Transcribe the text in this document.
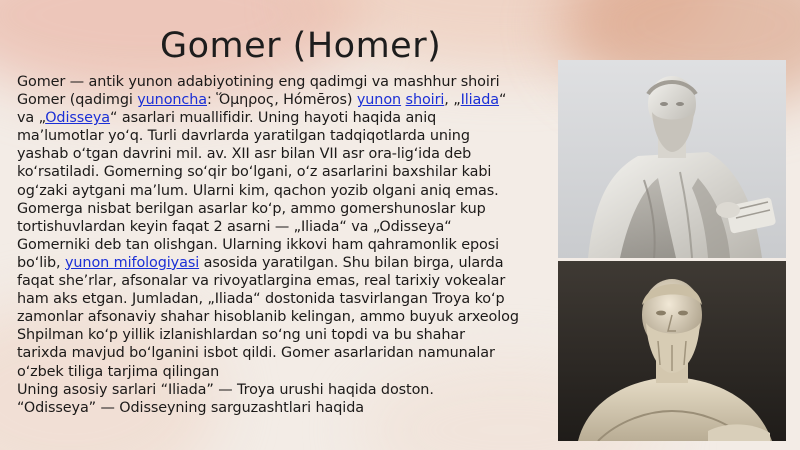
Gomer (Homer)

Gomer — antik yunon adabiyotining eng qadimgi va mashhur shoiri
Gomer (qadimgi yunoncha: Ὅμηρος, Hómēros) yunon shoiri, „Iliada“
va „Odisseya“ asarlari muallifidir. Uning hayoti haqida aniq
ma’lumotlar yoʻq. Turli davrlarda yaratilgan tadqiqotlarda uning
yashab oʻtgan davrini mil. av. XII asr bilan VII asr ora-ligʻida deb
koʻrsatiladi. Gomerning soʻqir boʻlgani, oʻz asarlarini baxshilar kabi
ogʻzaki aytgani ma’lum. Ularni kim, qachon yozib olgani aniq emas.
Gomerga nisbat berilgan asarlar koʻp, ammo gomershunoslar kup
tortishuvlardan keyin faqat 2 asarni — „Iliada“ va „Odisseya“
Gomerniki deb tan olishgan. Ularning ikkovi ham qahramonlik eposi
boʻlib, yunon mifologiyasi asosida yaratilgan. Shu bilan birga, ularda
faqat she’rlar, afsonalar va rivoyatlargina emas, real tarixiy vokealar
ham aks etgan. Jumladan, „Iliada“ dostonida tasvirlangan Troya koʻp
zamonlar afsonaviy shahar hisoblanib kelingan, ammo buyuk arxeolog
Shpilman koʻp yillik izlanishlardan soʻng uni topdi va bu shahar
tarixda mavjud boʻlganini isbot qildi. Gomer asarlaridan namunalar
oʻzbek tiliga tarjima qilingan
Uning asosiy sarlari “Iliada” — Troya urushi haqida doston.
“Odisseya” — Odisseyning sarguzashtlari haqida
